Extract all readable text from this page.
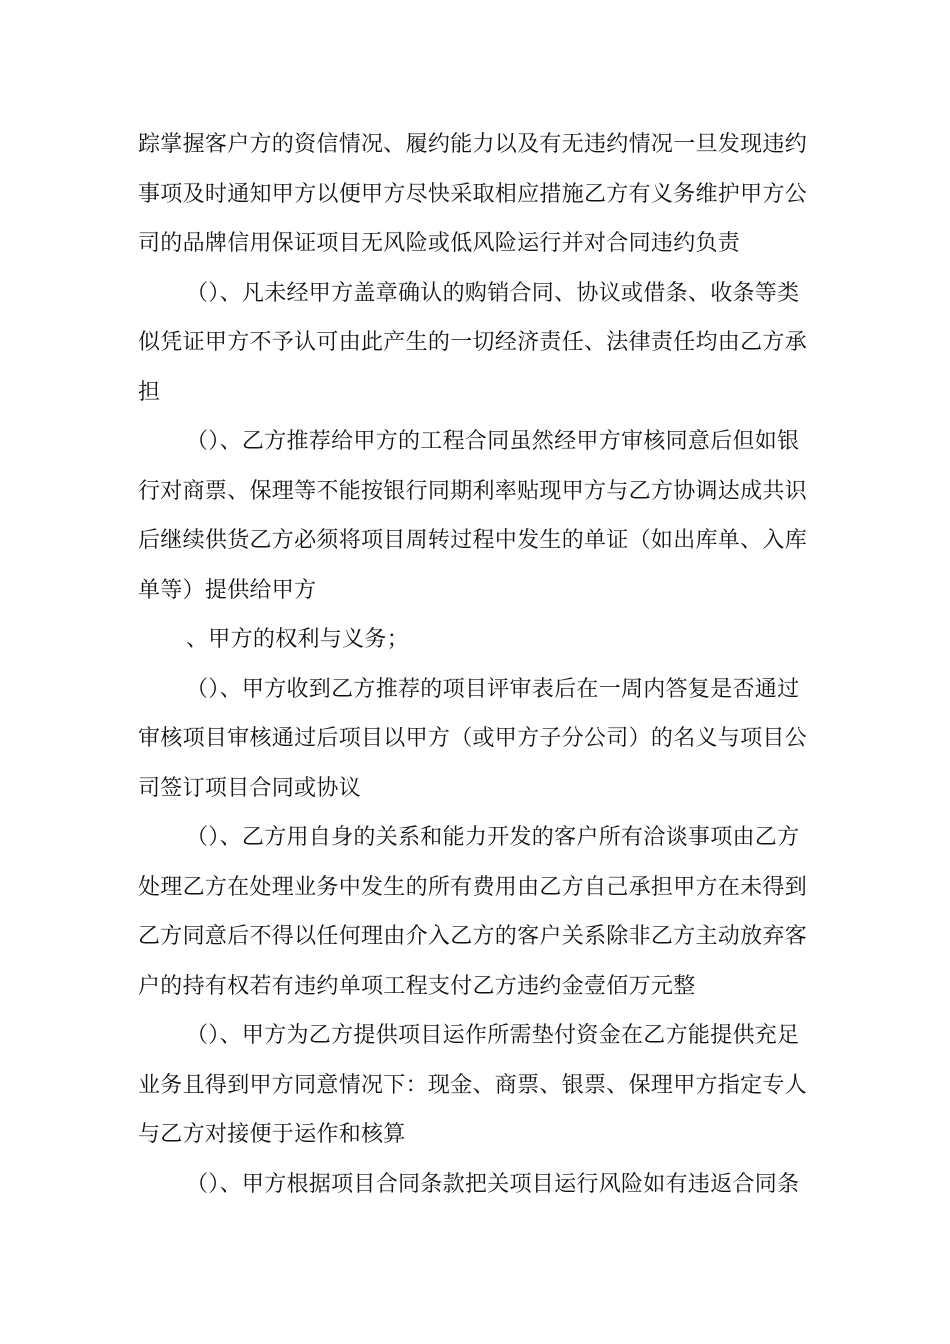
踪掌握客户方的资信情况、履约能力以及有无违约情况一旦发现违约
事项及时通知甲方以便甲方尽快采取相应措施乙方有义务维护甲方公
司的品牌信用保证项目无风险或低风险运行并对合同违约负责
（）、凡未经甲方盖章确认的购销合同、协议或借条、收条等类
似凭证甲方不予认可由此产生的一切经济责任、法律责任均由乙方承
担
（）、乙方推荐给甲方的工程合同虽然经甲方审核同意后但如银
行对商票、保理等不能按银行同期利率贴现甲方与乙方协调达成共识
后继续供货乙方必须将项目周转过程中发生的单证（如出库单、入库
单等）提供给甲方
、甲方的权利与义务；
（）、甲方收到乙方推荐的项目评审表后在一周内答复是否通过
审核项目审核通过后项目以甲方（或甲方子分公司）的名义与项目公
司签订项目合同或协议
（）、乙方用自身的关系和能力开发的客户所有洽谈事项由乙方
处理乙方在处理业务中发生的所有费用由乙方自己承担甲方在未得到
乙方同意后不得以任何理由介入乙方的客户关系除非乙方主动放弃客
户的持有权若有违约单项工程支付乙方违约金壹佰万元整
（）、甲方为乙方提供项目运作所需垫付资金在乙方能提供充足
业务且得到甲方同意情况下：现金、商票、银票、保理甲方指定专人
与乙方对接便于运作和核算
（）、甲方根据项目合同条款把关项目运行风险如有违返合同条
